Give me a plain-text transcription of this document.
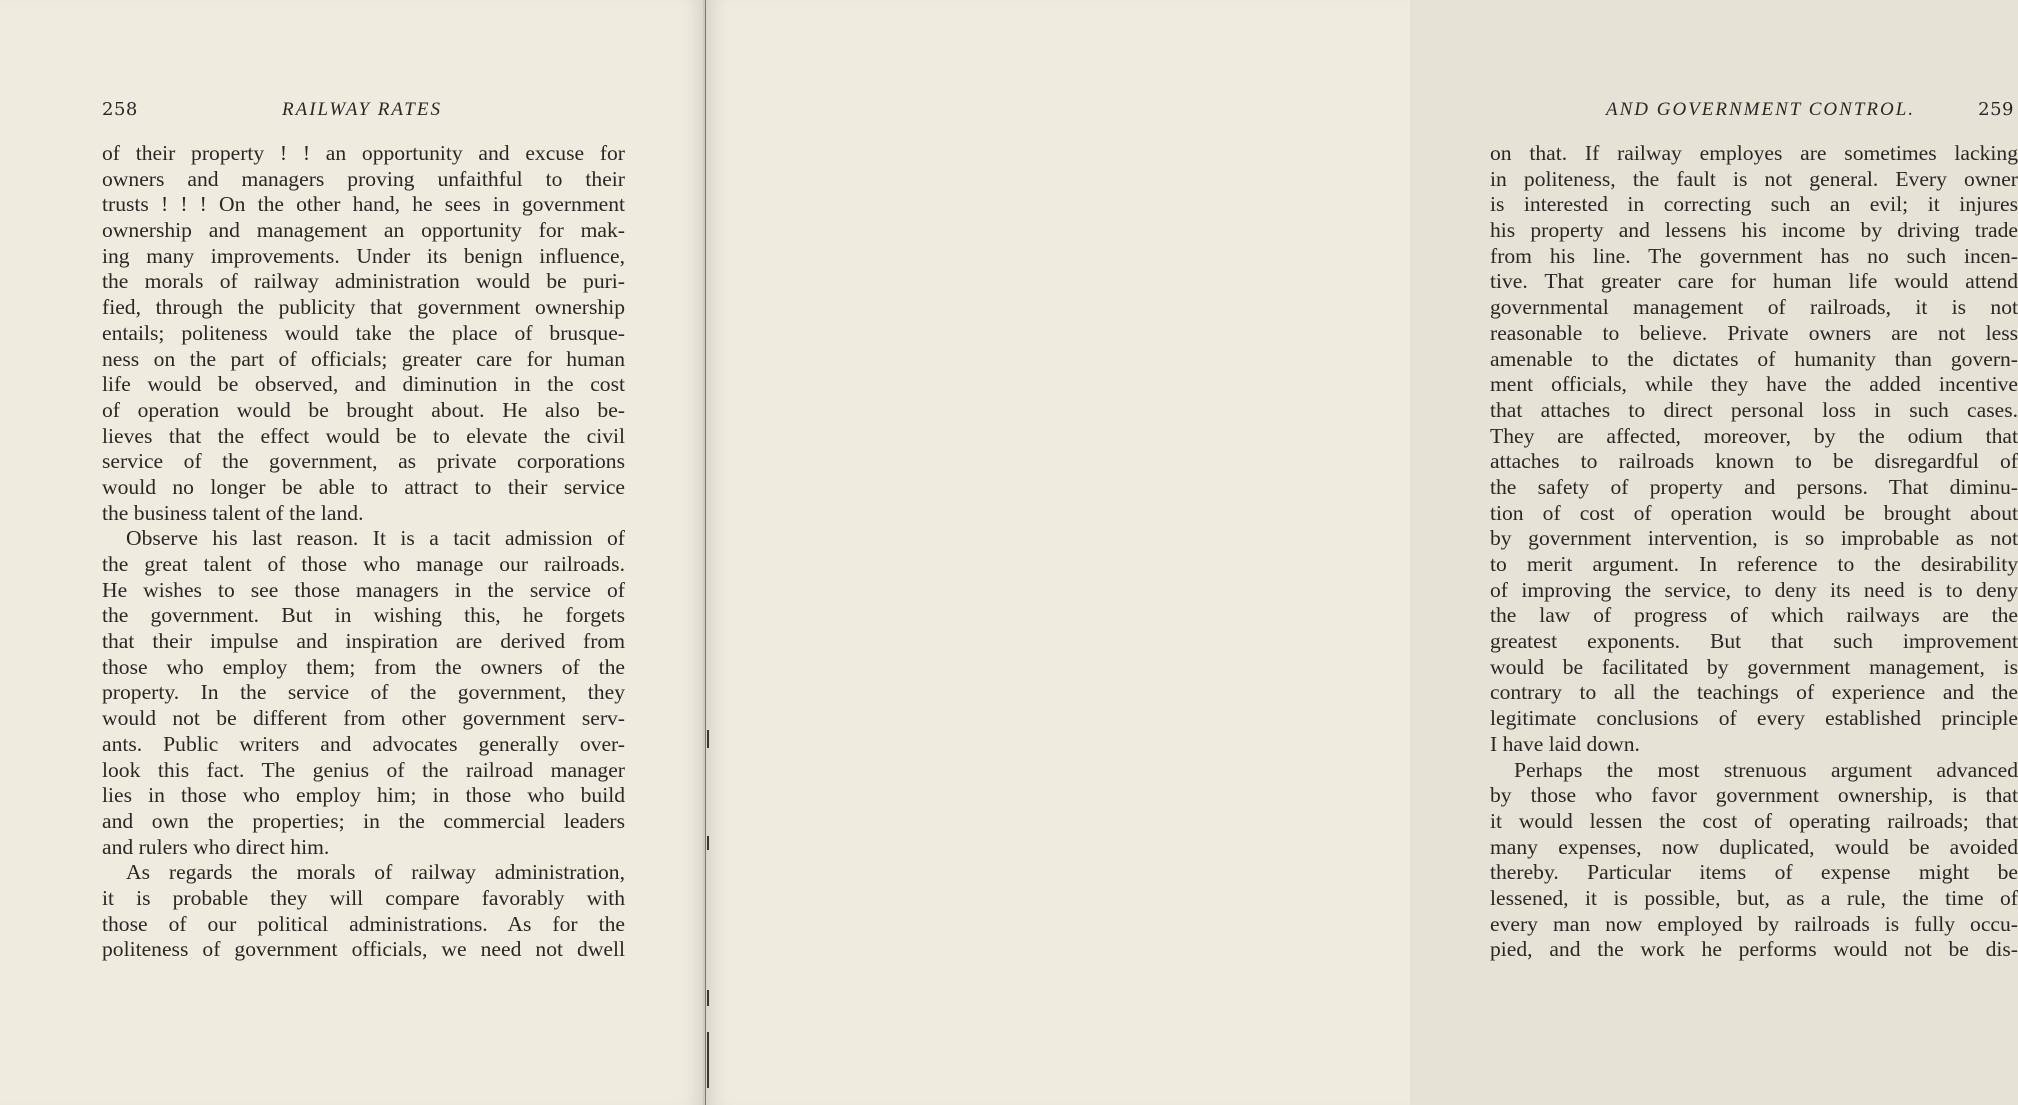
258	RAILWAY RATES
of their property ! ! an opportunity and excuse for
owners and managers proving unfaithful to their
trusts ! ! ! On the other hand, he sees in government
ownership and management an opportunity for mak-
ing many improvements. Under its benign influence,
the morals of railway administration would be puri-
fied, through the publicity that government ownership
entails; politeness would take the place of brusque-
ness on the part of officials; greater care for human
life would be observed, and diminution in the cost
of operation would be brought about. He also be-
lieves that the effect would be to elevate the civil
service of the government, as private corporations
would no longer be able to attract to their service
the business talent of the land.
Observe his last reason. It is a tacit admission of
the great talent of those who manage our railroads.
He wishes to see those managers in the service of
the government. But in wishing this, he forgets
that their impulse and inspiration are derived from
those who employ them; from the owners of the
property. In the service of the government, they
would not be different from other government serv-
ants. Public writers and advocates generally over-
look this fact. The genius of the railroad manager
lies in those who employ him; in those who build
and own the properties; in the commercial leaders
and rulers who direct him.
As regards the morals of railway administration,
it is probable they will compare favorably with
those of our political administrations. As for the
politeness of government officials, we need not dwell
AND GOVERNMENT CONTROL.	259
on that. If railway employes are sometimes lacking
in politeness, the fault is not general. Every owner
is interested in correcting such an evil; it injures
his property and lessens his income by driving trade
from his line. The government has no such incen-
tive. That greater care for human life would attend
governmental management of railroads, it is not
reasonable to believe. Private owners are not less
amenable to the dictates of humanity than govern-
ment officials, while they have the added incentive
that attaches to direct personal loss in such cases.
They are affected, moreover, by the odium that
attaches to railroads known to be disregardful of
the safety of property and persons. That diminu-
tion of cost of operation would be brought about
by government intervention, is so improbable as not
to merit argument. In reference to the desirability
of improving the service, to deny its need is to deny
the law of progress of which railways are the
greatest exponents. But that such improvement
would be facilitated by government management, is
contrary to all the teachings of experience and the
legitimate conclusions of every established principle
I have laid down.
Perhaps the most strenuous argument advanced
by those who favor government ownership, is that
it would lessen the cost of operating railroads; that
many expenses, now duplicated, would be avoided
thereby. Particular items of expense might be
lessened, it is possible, but, as a rule, the time of
every man now employed by railroads is fully occu-
pied, and the work he performs would not be dis-
